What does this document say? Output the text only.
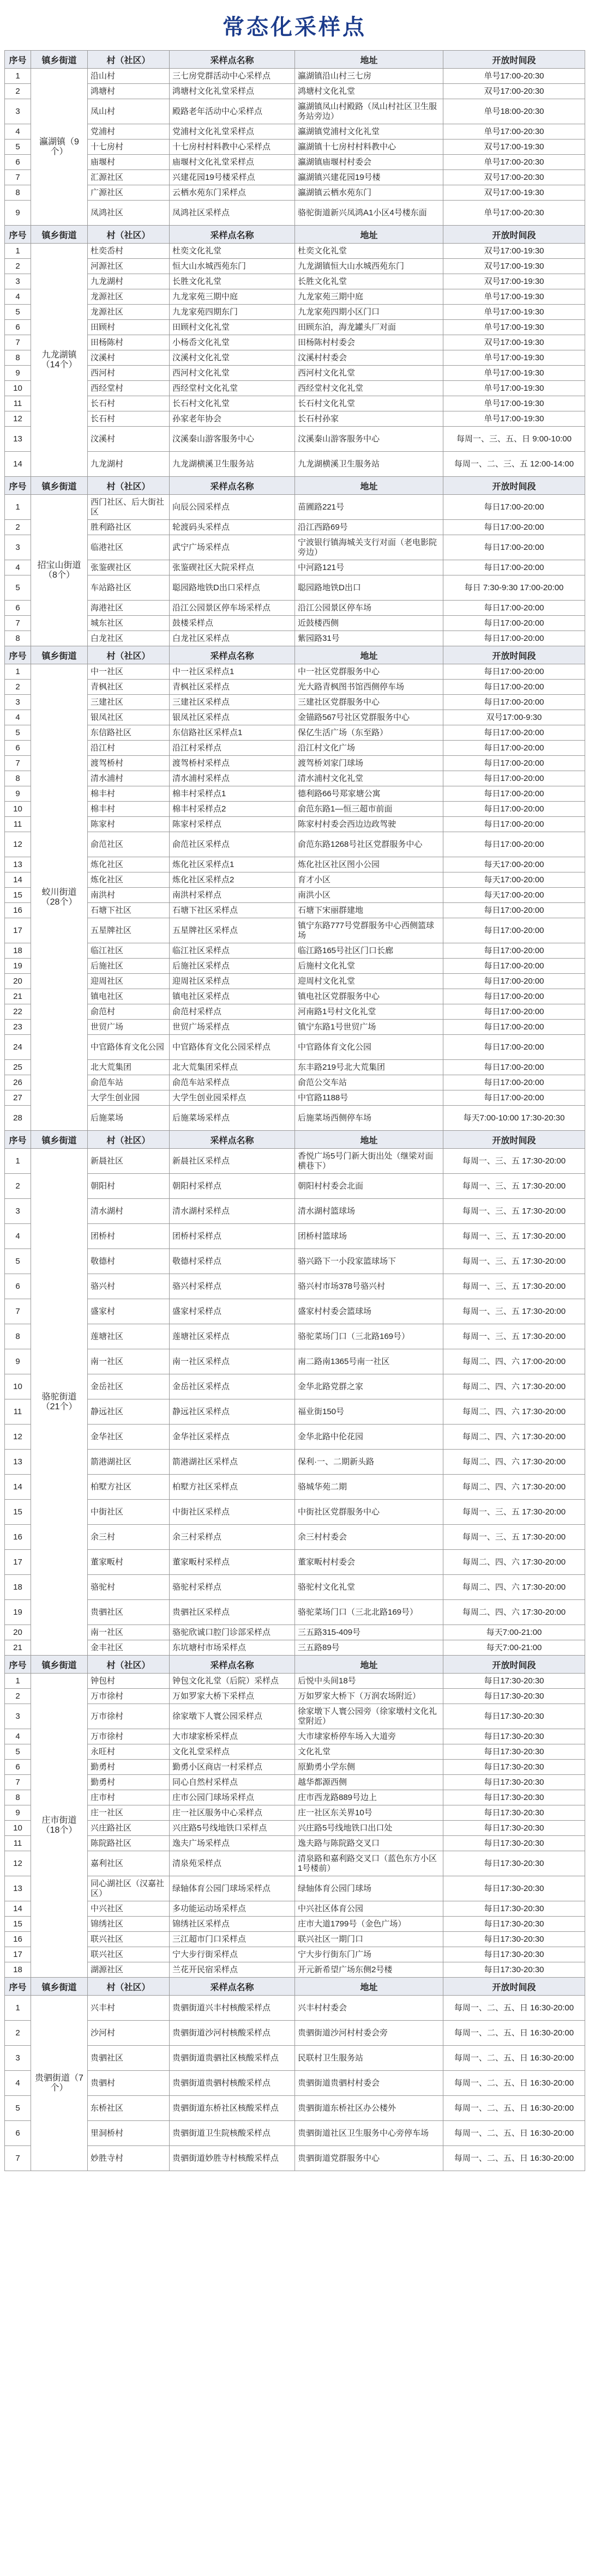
常态化采样点
序号	镇乡街道	村（社区）	采样点名称	地址	开放时间段
1	瀛湖镇（9个）	沿山村	三七房党群活动中心采样点	瀛湖镇沿山村三七房	单号17:00-20:30
2		鸿塘村	鸿塘村文化礼堂采样点	鸿塘村文化礼堂	双号17:00-20:30
3		凤山村	殿路老年活动中心采样点	瀛湖镇凤山村殿路（凤山村社区卫生服务站旁边）	单号18:00-20:30
4		党浦村	党浦村文化礼堂采样点	瀛湖镇党浦村文化礼堂	单号17:00-20:30
5		十七房村	十七房村村料教中心采样点	瀛湖镇十七房村村料教中心	双号17:00-19:30
6		庙堰村	庙堰村文化礼堂采样点	瀛湖镇庙堰村村委会	单号17:00-20:30
7		汇源社区	兴建花园19号楼采样点	瀛湖镇兴建花园19号楼	双号17:00-20:30
8		广源社区	云栖水苑东门采样点	瀛湖镇云栖水苑东门	双号17:00-19:30
9		凤鸿社区	凤鸿社区采样点	骆驼街道新兴凤鸿A1小区4号楼东面	单号17:00-20:30
序号	镇乡街道	村（社区）	采样点名称	地址	开放时间段
1	九龙湖镇（14个）	杜奕岙村	杜奕文化礼堂	杜奕文化礼堂	双号17:00-19:30
2		河源社区	恒大山水城西苑东门	九龙湖镇恒大山水城西苑东门	双号17:00-19:30
3		九龙湖村	长胜文化礼堂	长胜文化礼堂	双号17:00-19:30
4		龙源社区	九龙家苑三期中庭	九龙家苑三期中庭	单号17:00-19:30
5		龙源社区	九龙家苑四期东门	九龙家苑四期小区门口	单号17:00-19:30
6		田顾村	田顾村文化礼堂	田顾东泊，海龙罐头厂对面	单号17:00-19:30
7		田杨陈村	小杨岙文化礼堂	田杨陈村村委会	双号17:00-19:30
8		汶溪村	汶溪村文化礼堂	汶溪村村委会	单号17:00-19:30
9		西河村	西河村文化礼堂	西河村文化礼堂	单号17:00-19:30
10		西经堂村	西经堂村文化礼堂	西经堂村文化礼堂	单号17:00-19:30
11		长石村	长石村文化礼堂	长石村文化礼堂	单号17:00-19:30
12		长石村	孙家老年协会	长石村孙家	单号17:00-19:30
13		汶溪村	汶溪秦山游客服务中心	汶溪秦山游客服务中心	每周一、三、五、日 9:00-10:00
14		九龙湖村	九龙湖横溪卫生服务站	九龙湖横溪卫生服务站	每周一、二、三、五 12:00-14:00
序号	镇乡街道	村（社区）	采样点名称	地址	开放时间段
1	招宝山街道（8个）	西门社区、后大街社区	向辰公园采样点	苗圃路221号	每日17:00-20:00
2		胜利路社区	轮渡码头采样点	沿江西路69号	每日17:00-20:00
3		临港社区	武宁广场采样点	宁波银行镇海城关支行对面（老电影院旁边）	每日17:00-20:00
4		张鉴碶社区	张鉴碶社区大院采样点	中河路121号	每日17:00-20:00
5		车站路社区	聪园路地铁D出口采样点	聪园路地铁D出口	每日 7:30-9:30 17:00-20:00
6		海港社区	沿江公园景区停车场采样点	沿江公园景区停车场	每日17:00-20:00
7		城东社区	鼓楼采样点	近鼓楼西侧	每日17:00-20:00
8		白龙社区	白龙社区采样点	紫园路31号	每日17:00-20:00
序号	镇乡街道	村（社区）	采样点名称	地址	开放时间段
1	蛟川街道（28个）	中一社区	中一社区采样点1	中一社区党群服务中心	每日17:00-20:00
2		青枫社区	青枫社区采样点	光大路青枫图书馆西侧停车场	每日17:00-20:00
3		三建社区	三建社区采样点	三建社区党群服务中心	每日17:00-20:00
4		银凤社区	银凤社区采样点	金锚路567号社区党群服务中心	双号17:00-9:30
5		东信路社区	东信路社区采样点1	保亿生活广场（东至路）	每日17:00-20:00
6		沿江村	沿江村采样点	沿江村文化广场	每日17:00-20:00
7		渡驾桥村	渡驾桥村采样点	渡驾桥刘家门球场	每日17:00-20:00
8		清水浦村	清水浦村采样点	清水浦村文化礼堂	每日17:00-20:00
9		棉丰村	棉丰村采样点1	德利路66号郑家塘公寓	每日17:00-20:00
10		棉丰村	棉丰村采样点2	俞范东路1—恒三超市前面	每日17:00-20:00
11		陈家村	陈家村采样点	陈家村村委会西边边政驾驶	每日17:00-20:00
12		俞范社区	俞范社区采样点	俞范东路1268号社区党群服务中心	每日17:00-20:00
13		炼化社区	炼化社区采样点1	炼化社区社区图小公园	每天17:00-20:00
14		炼化社区	炼化社区采样点2	育才小区	每天17:00-20:00
15		南洪村	南洪村采样点	南洪小区	每天17:00-20:00
16		石塘下社区	石塘下社区采样点	石塘下宋丽群建地	每日17:00-20:00
17		五星牌社区	五星牌社区采样点	镇宁东路777号党群服务中心西侧篮球场	每日17:00-20:00
18		临江社区	临江社区采样点	临江路165号社区门口长廊	每日17:00-20:00
19		后施社区	后施社区采样点	后施村文化礼堂	每日17:00-20:00
20		迎周社区	迎周社区采样点	迎周村文化礼堂	每日17:00-20:00
21		镇电社区	镇电社区采样点	镇电社区党群服务中心	每日17:00-20:00
22		俞范村	俞范村采样点	河南路1号村文化礼堂	每日17:00-20:00
23		世贸广场	世贸广场采样点	镇宁东路1号世贸广场	每日17:00-20:00
24		中官路体育文化公园	中官路体育文化公园采样点	中官路体育文化公园	每日17:00-20:00
25		北大荒集团	北大荒集团采样点	东丰路219号北大荒集团	每日17:00-20:00
26		俞范车站	俞范车站采样点	俞范公交车站	每日17:00-20:00
27		大学生创业园	大学生创业园采样点	中官路1188号	每日17:00-20:00
28		后施菜场	后施菜场采样点	后施菜场西侧停车场	每天7:00-10:00 17:30-20:30
序号	镇乡街道	村（社区）	采样点名称	地址	开放时间段
1	骆驼街道（21个）	新晨社区	新晨社区采样点	香悦广场5号门新大街出处（继梁对面横巷下）	每周一、三、五 17:30-20:00
2		朝阳村	朝阳村采样点	朝阳村村委会北面	每周一、三、五 17:30-20:00
3		清水湖村	清水湖村采样点	清水湖村篮球场	每周一、三、五 17:30-20:00
4		团桥村	团桥村采样点	团桥村篮球场	每周一、三、五 17:30-20:00
5		敬德村	敬德村采样点	骆兴路下一小段家篮球场下	每周一、三、五 17:30-20:00
6		骆兴村	骆兴村采样点	骆兴村市场378号骆兴村	每周一、三、五 17:30-20:00
7		盛家村	盛家村采样点	盛家村村委会篮球场	每周一、三、五 17:30-20:00
8		莲塘社区	莲塘社区采样点	骆驼菜场门口（三北路169号）	每周一、三、五 17:30-20:00
9		南一社区	南一社区采样点	南二路南1365号南一社区	每周二、四、六 17:00-20:00
10		金岳社区	金岳社区采样点	金华北路党群之家	每周二、四、六 17:30-20:00
11		静远社区	静远社区采样点	福业街150号	每周二、四、六 17:30-20:00
12		金华社区	金华社区采样点	金华北路中伦花园	每周二、四、六 17:30-20:00
13		箭港湖社区	箭港湖社区采样点	保利·一、二期新头路	每周二、四、六 17:30-20:00
14		柏墅方社区	柏墅方社区采样点	骆城华苑二期	每周二、四、六 17:30-20:00
15		中街社区	中街社区采样点	中街社区党群服务中心	每周一、三、五 17:30-20:00
16		余三村	余三村采样点	余三村村委会	每周一、三、五 17:30-20:00
17		董家畈村	董家畈村采样点	董家畈村村委会	每周二、四、六 17:30-20:00
18		骆驼村	骆驼村采样点	骆驼村文化礼堂	每周二、四、六 17:30-20:00
19		贵驷社区	贵驷社区采样点	骆驼菜场门口（三北北路169号）	每周二、四、六 17:30-20:00
20		南一社区	骆驼欣诚口腔门诊部采样点	三五路315-409号	每天7:00-21:00
21		金丰社区	东坑塘村市场采样点	三五路89号	每天7:00-21:00
序号	镇乡街道	村（社区）	采样点名称	地址	开放时间段
1	庄市街道（18个）	钟包村	钟包文化礼堂（后院）采样点	后悦中头间18号	每日17:30-20:30
2		万市徐村	万如罗家大桥下采样点	万如罗家大桥下（万润农场附近）	每日17:30-20:30
3		万市徐村	徐家墩下人寰公园采样点	徐家墩下人寰公园旁（徐家墩村文化礼堂附近）	每日17:30-20:30
4		万市徐村	大市埭家桥采样点	大市埭家桥停车场入大道旁	每日17:30-20:30
5		永旺村	文化礼堂采样点	文化礼堂	每日17:30-20:30
6		勤勇村	勤勇小区商店一村采样点	原勤勇小学东侧	每日17:30-20:30
7		勤勇村	同心自然村采样点	越华都源西侧	每日17:30-20:30
8		庄市村	庄市公园门球场采样点	庄市西龙路889号边上	每日17:30-20:30
9		庄一社区	庄一社区服务中心采样点	庄一社区东关界10号	每日17:30-20:30
10		兴庄路社区	兴庄路5号线地铁口采样点	兴庄路5号线地铁口出口处	每日17:30-20:30
11		陈院路社区	逸夫广场采样点	逸夫路与陈院路交叉口	每日17:30-20:30
12		嘉利社区	清泉苑采样点	清泉路和嘉利路交叉口（蓝色东方小区1号楼前）	每日17:30-20:30
13		同心湖社区（汉嘉社区）	绿轴体育公园门球场采样点	绿轴体育公园门球场	每日17:30-20:30
14		中兴社区	多功能运动场采样点	中兴社区体育公园	每日17:30-20:30
15		锦绣社区	锦绣社区采样点	庄市大道1799号（金色广场）	每日17:30-20:30
16		联兴社区	三江超市门口采样点	联兴社区一期门口	每日17:30-20:30
17		联兴社区	宁大步行街采样点	宁大步行街东门广场	每日17:30-20:30
18		湖源社区	兰花开民宿采样点	开元新希望广场东侧2号楼	每日17:30-20:30
序号	镇乡街道	村（社区）	采样点名称	地址	开放时间段
1	贵驷街道（7个）	兴丰村	贵驷街道兴丰村核酸采样点	兴丰村村委会	每周一、二、五、日 16:30-20:00
2		沙河村	贵驷街道沙河村核酸采样点	贵驷街道沙河村村委会旁	每周一、二、五、日 16:30-20:00
3		贵驷社区	贵驷街道贵驷社区核酸采样点	民联村卫生服务站	每周一、二、五、日 16:30-20:00
4		贵驷村	贵驷街道贵驷村核酸采样点	贵驷街道贵驷村村委会	每周一、二、五、日 16:30-20:00
5		东桥社区	贵驷街道东桥社区核酸采样点	贵驷街道东桥社区办公楼外	每周一、二、五、日 16:30-20:00
6		里洞桥村	贵驷街道卫生院核酸采样点	贵驷街道社区卫生服务中心旁停车场	每周一、二、五、日 16:30-20:00
7		妙胜寺村	贵驷街道妙胜寺村核酸采样点	贵驷街道党群服务中心	每周一、二、五、日 16:30-20:00
